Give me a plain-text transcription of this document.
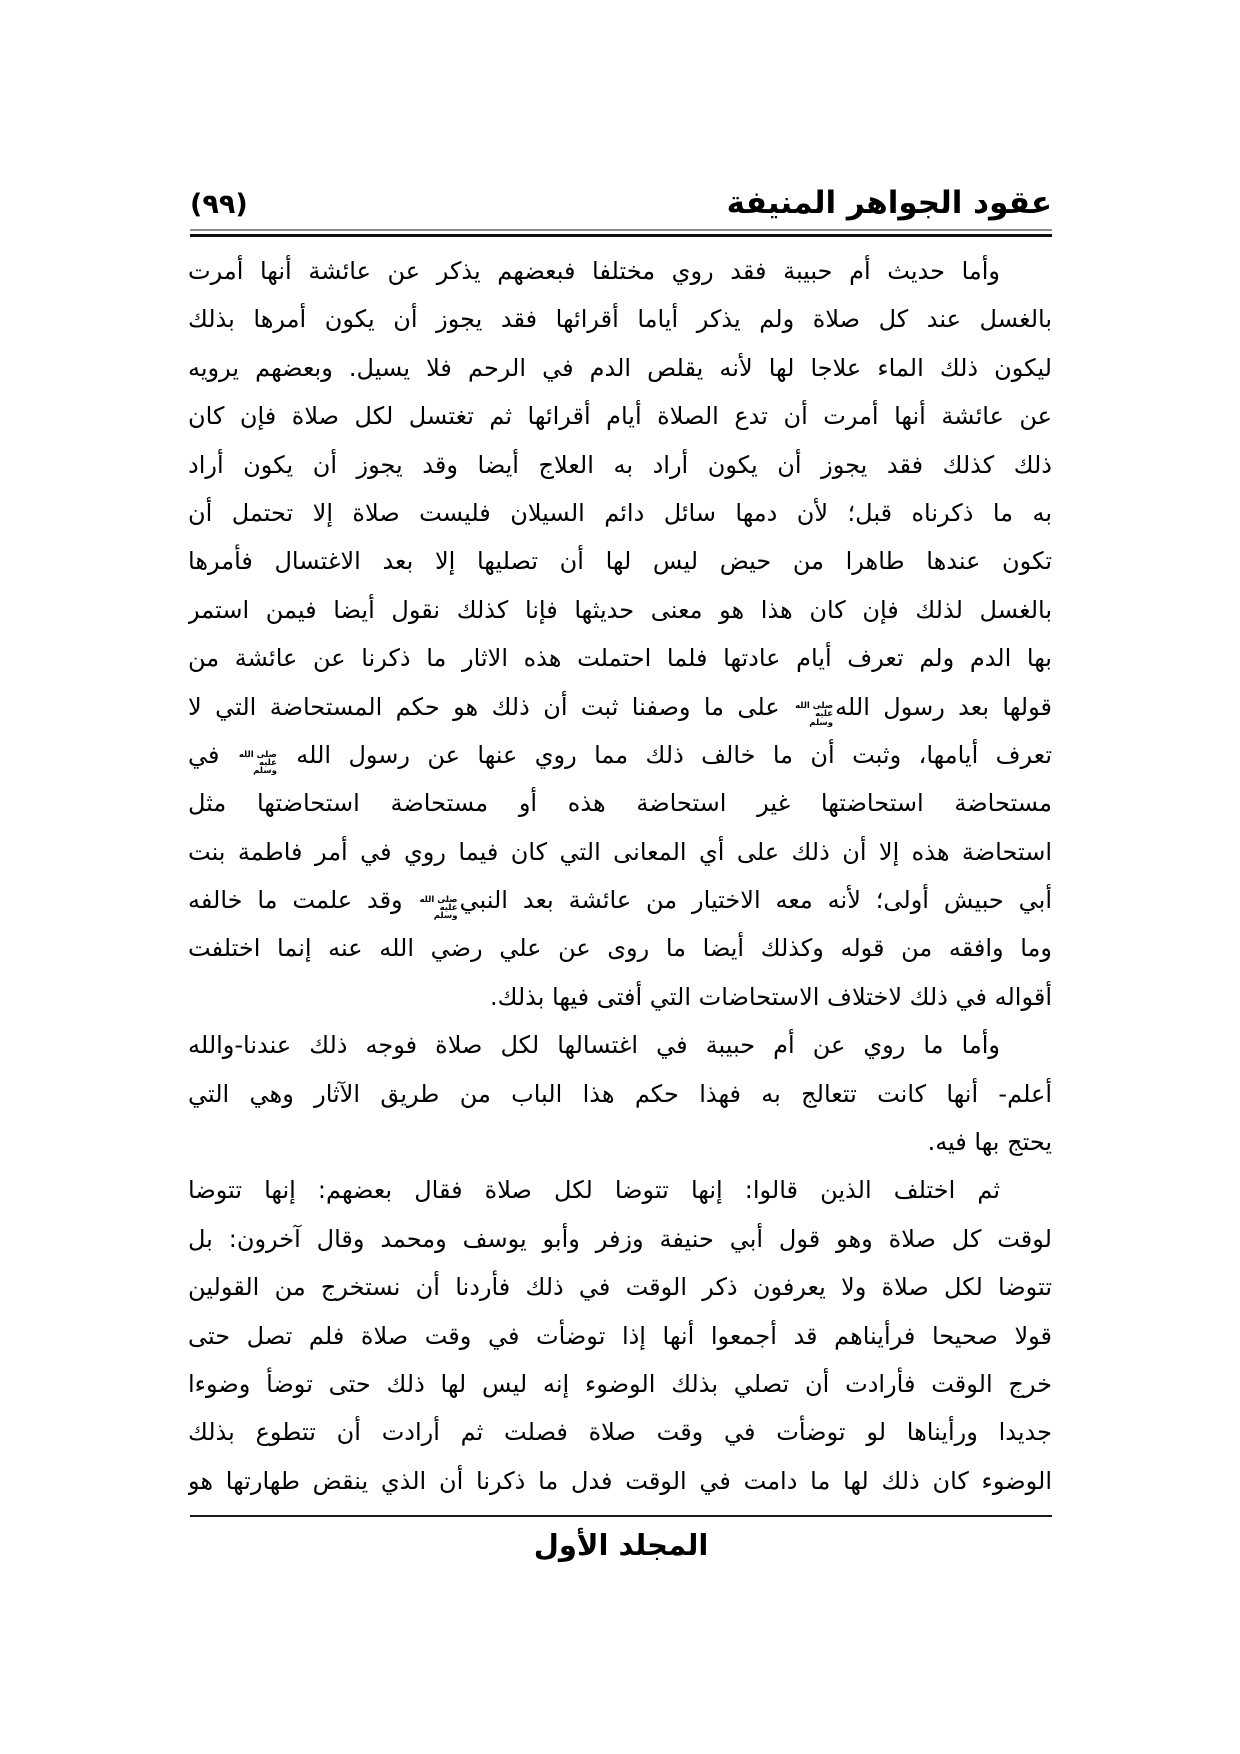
عقود الجواهر المنيفة
(٩٩)
وأما حديث أم حبيبة فقد روي مختلفا فبعضهم يذكر عن عائشة أنها أمرت
بالغسل عند كل صلاة ولم يذكر أياما أقرائها فقد يجوز أن يكون أمرها بذلك
ليكون ذلك الماء علاجا لها لأنه يقلص الدم في الرحم فلا يسيل. وبعضهم يرويه
عن عائشة أنها أمرت أن تدع الصلاة أيام أقرائها ثم تغتسل لكل صلاة فإن كان
ذلك كذلك فقد يجوز أن يكون أراد به العلاج أيضا وقد يجوز أن يكون أراد
به ما ذكرناه قبل؛ لأن دمها سائل دائم السيلان فليست صلاة إلا تحتمل أن
تكون عندها طاهرا من حيض ليس لها أن تصليها إلا بعد الاغتسال فأمرها
بالغسل لذلك فإن كان هذا هو معنى حديثها فإنا كذلك نقول أيضا فيمن استمر
بها الدم ولم تعرف أيام عادتها فلما احتملت هذه الاثار ما ذكرنا عن عائشة من
قولها بعد رسول الله
صلى الله
عليه
وسلم
على ما وصفنا ثبت أن ذلك هو حكم المستحاضة التي لا
تعرف أيامها، وثبت أن ما خالف ذلك مما روي عنها عن رسول الله
صلى الله
عليه
وسلم
في
مستحاضة استحاضتها غير استحاضة هذه أو مستحاضة استحاضتها مثل
استحاضة هذه إلا أن ذلك على أي المعانى التي كان فيما روي في أمر فاطمة بنت
أبي حبيش أولى؛ لأنه معه الاختيار من عائشة بعد النبي
صلى الله
عليه
وسلم
وقد علمت ما خالفه
وما وافقه من قوله وكذلك أيضا ما روى عن علي رضي الله عنه إنما اختلفت
أقواله في ذلك لاختلاف الاستحاضات التي أفتى فيها بذلك.
وأما ما روي عن أم حبيبة في اغتسالها لكل صلاة فوجه ذلك عندنا-والله
أعلم- أنها كانت تتعالج به فهذا حكم هذا الباب من طريق الآثار وهي التي
يحتج بها فيه.
ثم اختلف الذين قالوا: إنها تتوضا لكل صلاة فقال بعضهم: إنها تتوضا
لوقت كل صلاة وهو قول أبي حنيفة وزفر وأبو يوسف ومحمد وقال آخرون: بل
تتوضا لكل صلاة ولا يعرفون ذكر الوقت في ذلك فأردنا أن نستخرج من القولين
قولا صحيحا فرأيناهم قد أجمعوا أنها إذا توضأت في وقت صلاة فلم تصل حتى
خرج الوقت فأرادت أن تصلي بذلك الوضوء إنه ليس لها ذلك حتى توضأ وضوءا
جديدا ورأيناها لو توضأت في وقت صلاة فصلت ثم أرادت أن تتطوع بذلك
الوضوء كان ذلك لها ما دامت في الوقت فدل ما ذكرنا أن الذي ينقض طهارتها هو
المجلد الأول
